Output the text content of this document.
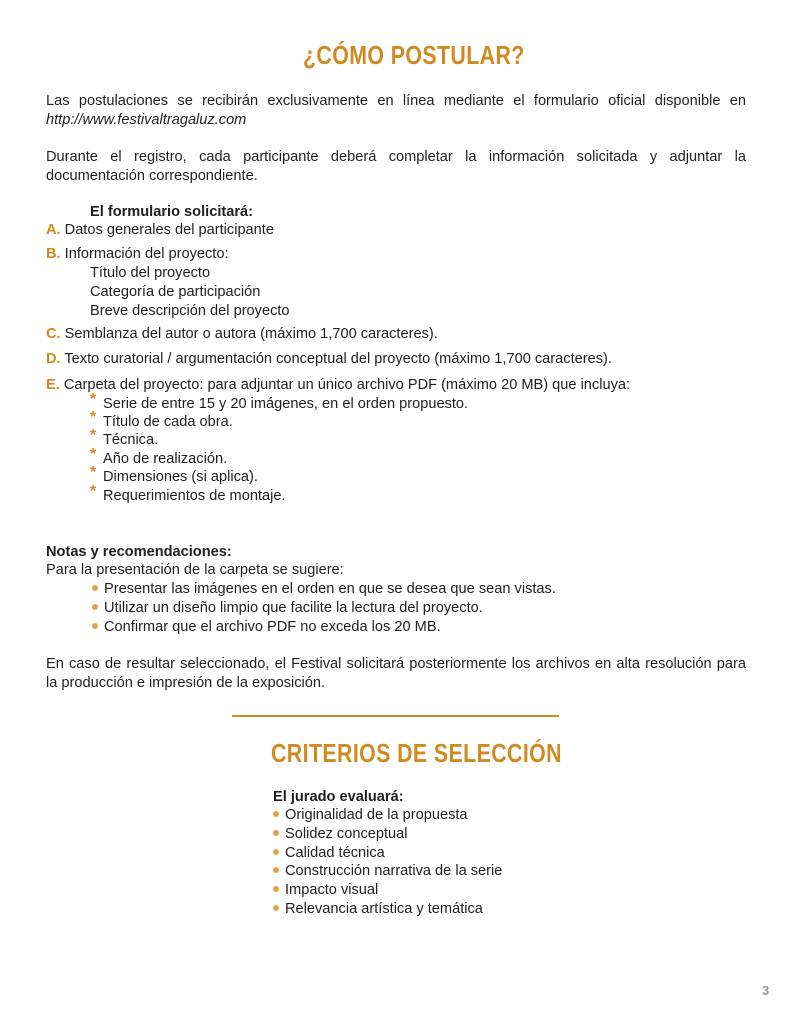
¿CÓMO POSTULAR?
Las postulaciones se recibirán exclusivamente en línea mediante el formulario oficial disponible en http://www.festivaltragaluz.com
Durante el registro, cada participante deberá completar la información solicitada y adjuntar la documentación correspondiente.
El formulario solicitará:
A. Datos generales del participante
B. Información del proyecto:
Título del proyecto
Categoría de participación
Breve descripción del proyecto
C. Semblanza del autor o autora (máximo 1,700 caracteres).
D. Texto curatorial / argumentación conceptual del proyecto (máximo 1,700 caracteres).
E. Carpeta del proyecto: para adjuntar un único archivo PDF (máximo 20 MB) que incluya:
* Serie de entre 15 y 20 imágenes, en el orden propuesto.
* Título de cada obra.
* Técnica.
* Año de realización.
* Dimensiones (si aplica).
* Requerimientos de montaje.
Notas y recomendaciones:
Para la presentación de la carpeta se sugiere:
Presentar las imágenes en el orden en que se desea que sean vistas.
Utilizar un diseño limpio que facilite la lectura del proyecto.
Confirmar que el archivo PDF no exceda los 20 MB.
En caso de resultar seleccionado, el Festival solicitará posteriormente los archivos en alta resolución para la producción e impresión de la exposición.
CRITERIOS DE SELECCIÓN
El jurado evaluará:
Originalidad de la propuesta
Solidez conceptual
Calidad técnica
Construcción narrativa de la serie
Impacto visual
Relevancia artística y temática
3
